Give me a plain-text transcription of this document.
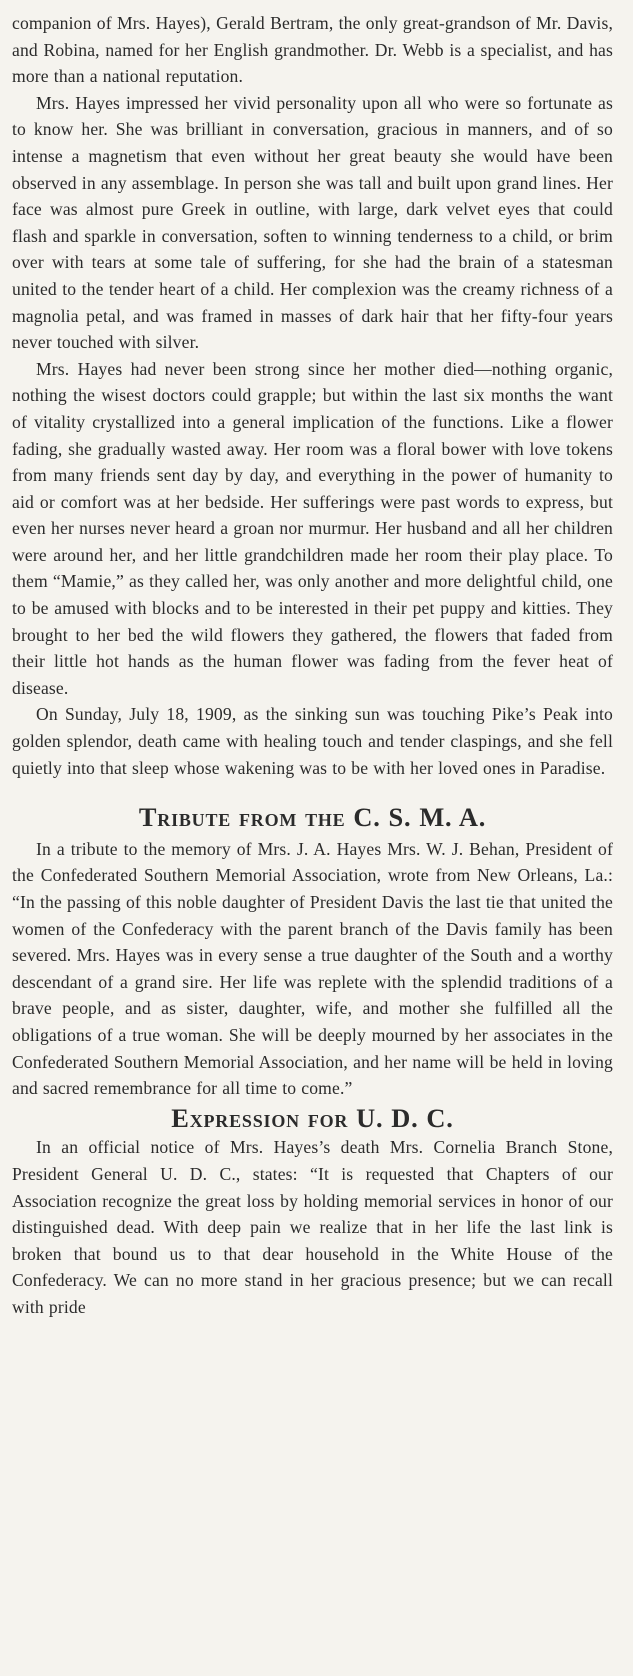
companion of Mrs. Hayes), Gerald Bertram, the only great-grandson of Mr. Davis, and Robina, named for her English grandmother. Dr. Webb is a specialist, and has more than a national reputation.

Mrs. Hayes impressed her vivid personality upon all who were so fortunate as to know her. She was brilliant in conversation, gracious in manners, and of so intense a magnetism that even without her great beauty she would have been observed in any assemblage. In person she was tall and built upon grand lines. Her face was almost pure Greek in outline, with large, dark velvet eyes that could flash and sparkle in conversation, soften to winning tenderness to a child, or brim over with tears at some tale of suffering, for she had the brain of a statesman united to the tender heart of a child. Her complexion was the creamy richness of a magnolia petal, and was framed in masses of dark hair that her fifty-four years never touched with silver.

Mrs. Hayes had never been strong since her mother died—nothing organic, nothing the wisest doctors could grapple; but within the last six months the want of vitality crystallized into a general implication of the functions. Like a flower fading, she gradually wasted away. Her room was a floral bower with love tokens from many friends sent day by day, and everything in the power of humanity to aid or comfort was at her bedside. Her sufferings were past words to express, but even her nurses never heard a groan nor murmur. Her husband and all her children were around her, and her little grandchildren made her room their play place. To them “Mamie,” as they called her, was only another and more delightful child, one to be amused with blocks and to be interested in their pet puppy and kitties. They brought to her bed the wild flowers they gathered, the flowers that faded from their little hot hands as the human flower was fading from the fever heat of disease.

On Sunday, July 18, 1909, as the sinking sun was touching Pike’s Peak into golden splendor, death came with healing touch and tender claspings, and she fell quietly into that sleep whose wakening was to be with her loved ones in Paradise.

Tribute from the C. S. M. A.

In a tribute to the memory of Mrs. J. A. Hayes Mrs. W. J. Behan, President of the Confederated Southern Memorial Association, wrote from New Orleans, La.: “In the passing of this noble daughter of President Davis the last tie that united the women of the Confederacy with the parent branch of the Davis family has been severed. Mrs. Hayes was in every sense a true daughter of the South and a worthy descendant of a grand sire. Her life was replete with the splendid traditions of a brave people, and as sister, daughter, wife, and mother she fulfilled all the obligations of a true woman. She will be deeply mourned by her associates in the Confederated Southern Memorial Association, and her name will be held in loving and sacred remembrance for all time to come.”

Expression for U. D. C.

In an official notice of Mrs. Hayes’s death Mrs. Cornelia Branch Stone, President General U. D. C., states: “It is requested that Chapters of our Association recognize the great loss by holding memorial services in honor of our distinguished dead. With deep pain we realize that in her life the last link is broken that bound us to that dear household in the White House of the Confederacy. We can no more stand in her gracious presence; but we can recall with pride
